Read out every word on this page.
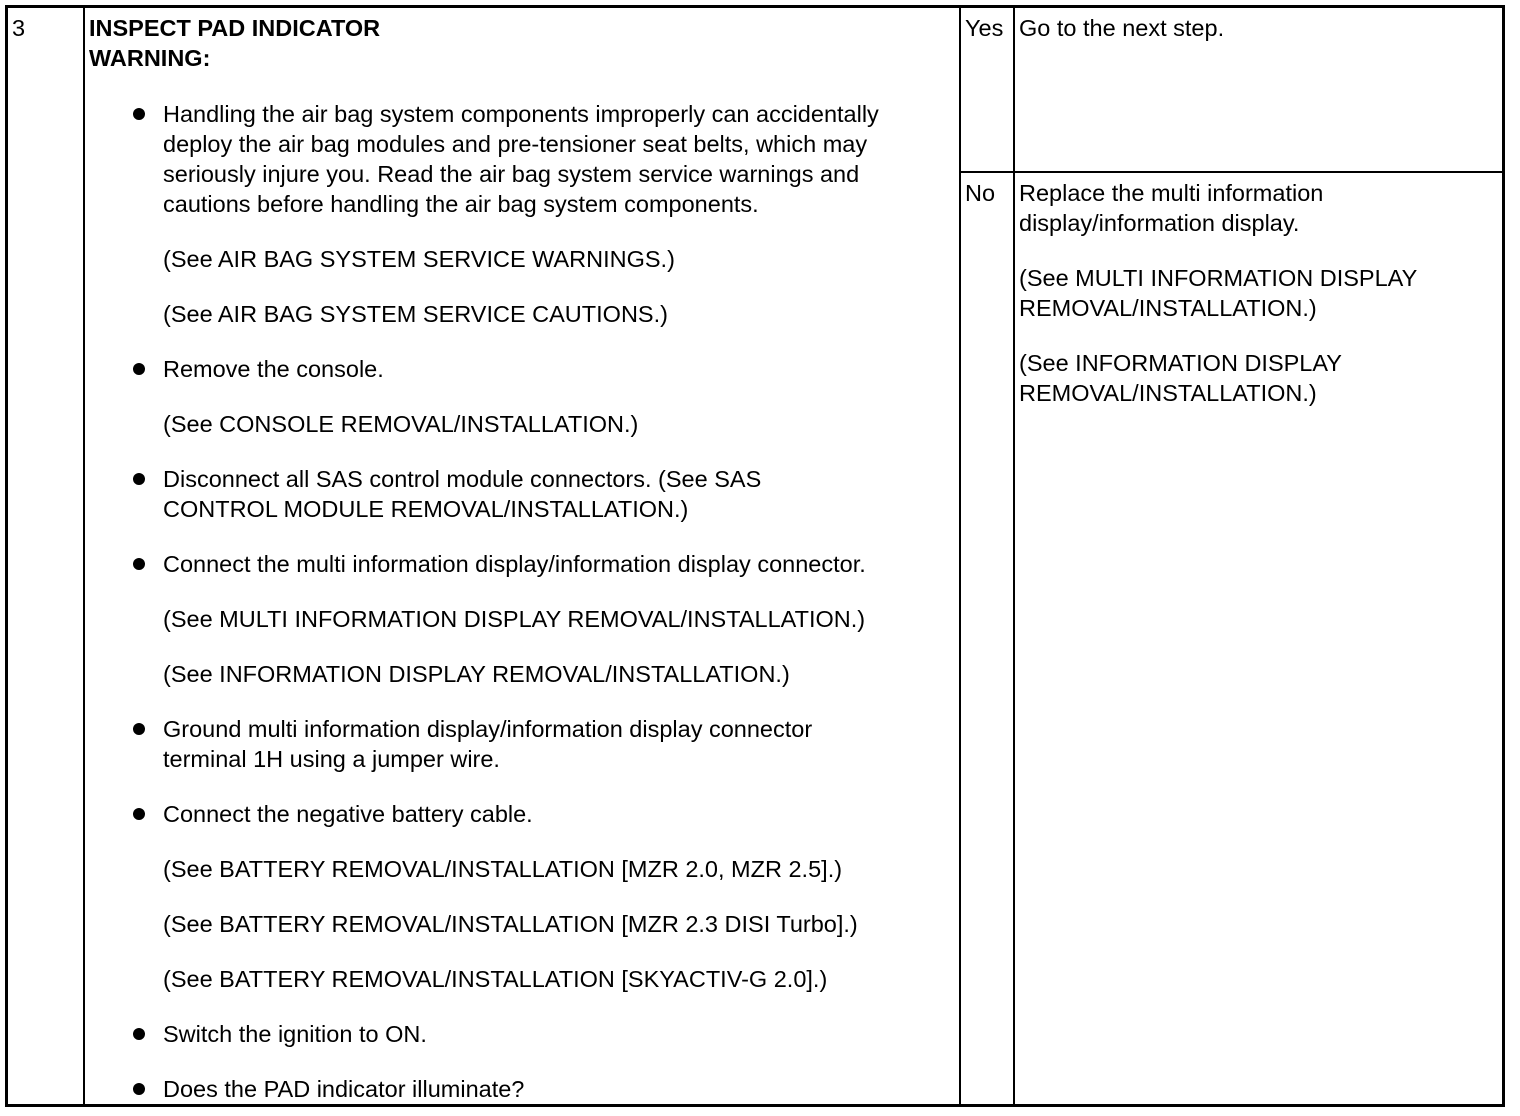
3	INSPECT PAD INDICATOR
WARNING:
Handling the air bag system components improperly can accidentally
deploy the air bag modules and pre-tensioner seat belts, which may
seriously injure you. Read the air bag system service warnings and
cautions before handling the air bag system components.
(See AIR BAG SYSTEM SERVICE WARNINGS.)
(See AIR BAG SYSTEM SERVICE CAUTIONS.)
Remove the console.
(See CONSOLE REMOVAL/INSTALLATION.)
Disconnect all SAS control module connectors. (See SAS
CONTROL MODULE REMOVAL/INSTALLATION.)
Connect the multi information display/information display connector.
(See MULTI INFORMATION DISPLAY REMOVAL/INSTALLATION.)
(See INFORMATION DISPLAY REMOVAL/INSTALLATION.)
Ground multi information display/information display connector
terminal 1H using a jumper wire.
Connect the negative battery cable.
(See BATTERY REMOVAL/INSTALLATION [MZR 2.0, MZR 2.5].)
(See BATTERY REMOVAL/INSTALLATION [MZR 2.3 DISI Turbo].)
(See BATTERY REMOVAL/INSTALLATION [SKYACTIV-G 2.0].)
Switch the ignition to ON.
Does the PAD indicator illuminate?
Yes Go to the next step.
No Replace the multi information
display/information display.
(See MULTI INFORMATION DISPLAY
REMOVAL/INSTALLATION.)
(See INFORMATION DISPLAY
REMOVAL/INSTALLATION.)
